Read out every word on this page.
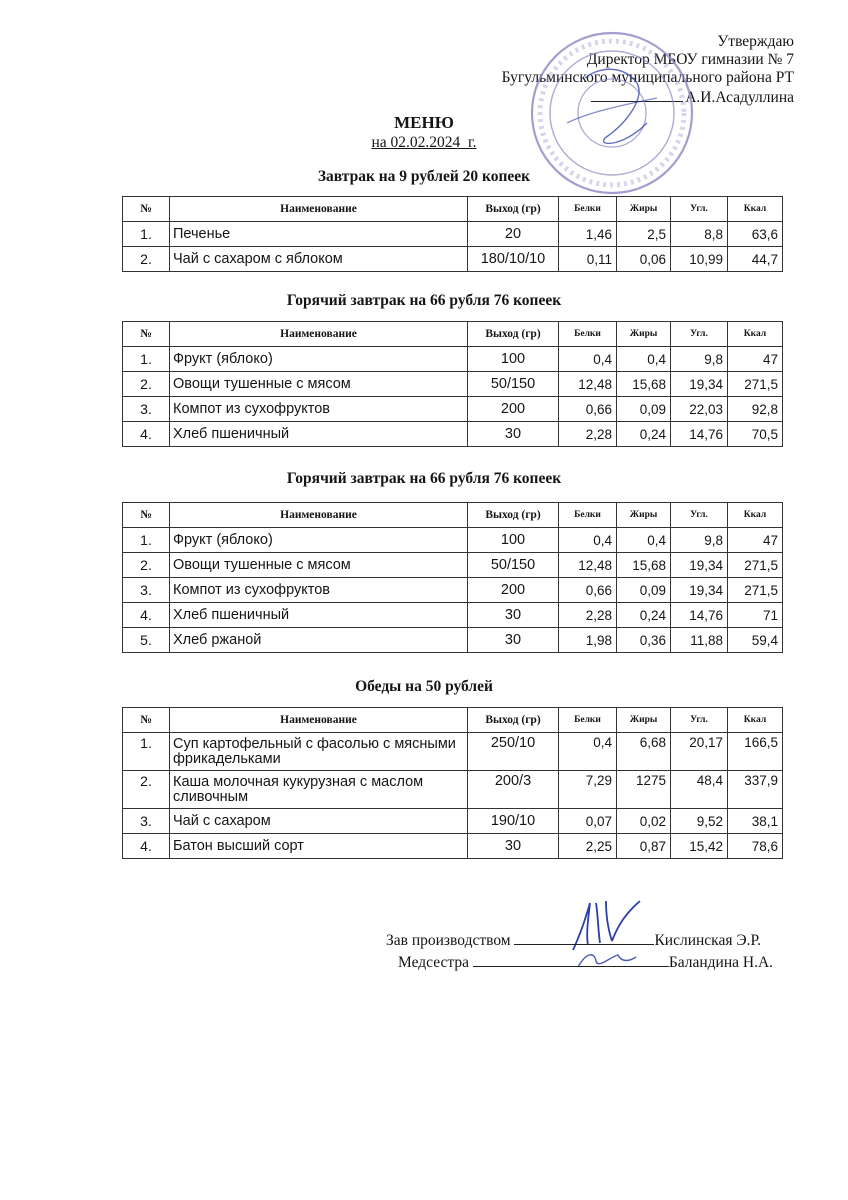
Утверждаю
Директор МБОУ гимназии № 7
Бугульминского муниципального района РТ
А.И.Асадуллина
МЕНЮ
на 02.02.2024_г.
Завтрак на 9 рублей 20 копеек
№	Наименование	Выход (гр)	Белки	Жиры	Угл.	Ккал
1.	Печенье	20	1,46	2,5	8,8	63,6
2.	Чай с сахаром с яблоком	180/10/10	0,11	0,06	10,99	44,7
Горячий завтрак на 66 рубля 76 копеек
№	Наименование	Выход (гр)	Белки	Жиры	Угл.	Ккал
1.	Фрукт (яблоко)	100	0,4	0,4	9,8	47
2.	Овощи тушенные с мясом	50/150	12,48	15,68	19,34	271,5
3.	Компот из сухофруктов	200	0,66	0,09	22,03	92,8
4.	Хлеб пшеничный	30	2,28	0,24	14,76	70,5
Горячий завтрак на 66 рубля 76 копеек
№	Наименование	Выход (гр)	Белки	Жиры	Угл.	Ккал
1.	Фрукт (яблоко)	100	0,4	0,4	9,8	47
2.	Овощи тушенные с мясом	50/150	12,48	15,68	19,34	271,5
3.	Компот из сухофруктов	200	0,66	0,09	19,34	271,5
4.	Хлеб пшеничный	30	2,28	0,24	14,76	71
5.	Хлеб ржаной	30	1,98	0,36	11,88	59,4
Обеды на 50 рублей
№	Наименование	Выход (гр)	Белки	Жиры	Угл.	Ккал
1.	Суп картофельный с фасолью с мясными фрикадельками	250/10	0,4	6,68	20,17	166,5
2.	Каша молочная кукурузная с маслом сливочным	200/3	7,29	1275	48,4	337,9
3.	Чай с сахаром	190/10	0,07	0,02	9,52	38,1
4.	Батон высший сорт	30	2,25	0,87	15,42	78,6
Зав производством	Кислинская Э.Р.
Медсестра	Баландина Н.А.
